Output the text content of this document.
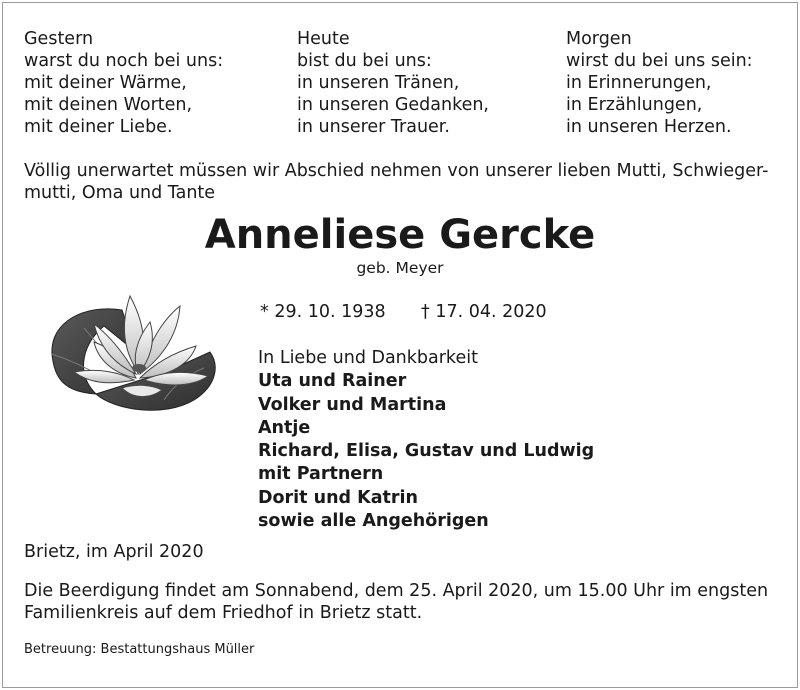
Gestern
warst du noch bei uns:
mit deiner Wärme,
mit deinen Worten,
mit deiner Liebe.
Heute
bist du bei uns:
in unseren Tränen,
in unseren Gedanken,
in unserer Trauer.
Morgen
wirst du bei uns sein:
in Erinnerungen,
in Erzählungen,
in unseren Herzen.
Völlig unerwartet müssen wir Abschied nehmen von unserer lieben Mutti, Schwieger-
mutti, Oma und Tante
Anneliese Gercke
geb. Meyer
* 29. 10. 1938 † 17. 04. 2020
In Liebe und Dankbarkeit
Uta und Rainer
Volker und Martina
Antje
Richard, Elisa, Gustav und Ludwig
mit Partnern
Dorit und Katrin
sowie alle Angehörigen
Brietz, im April 2020
Die Beerdigung findet am Sonnabend, dem 25. April 2020, um 15.00 Uhr im engsten
Familienkreis auf dem Friedhof in Brietz statt.
Betreuung: Bestattungshaus Müller
